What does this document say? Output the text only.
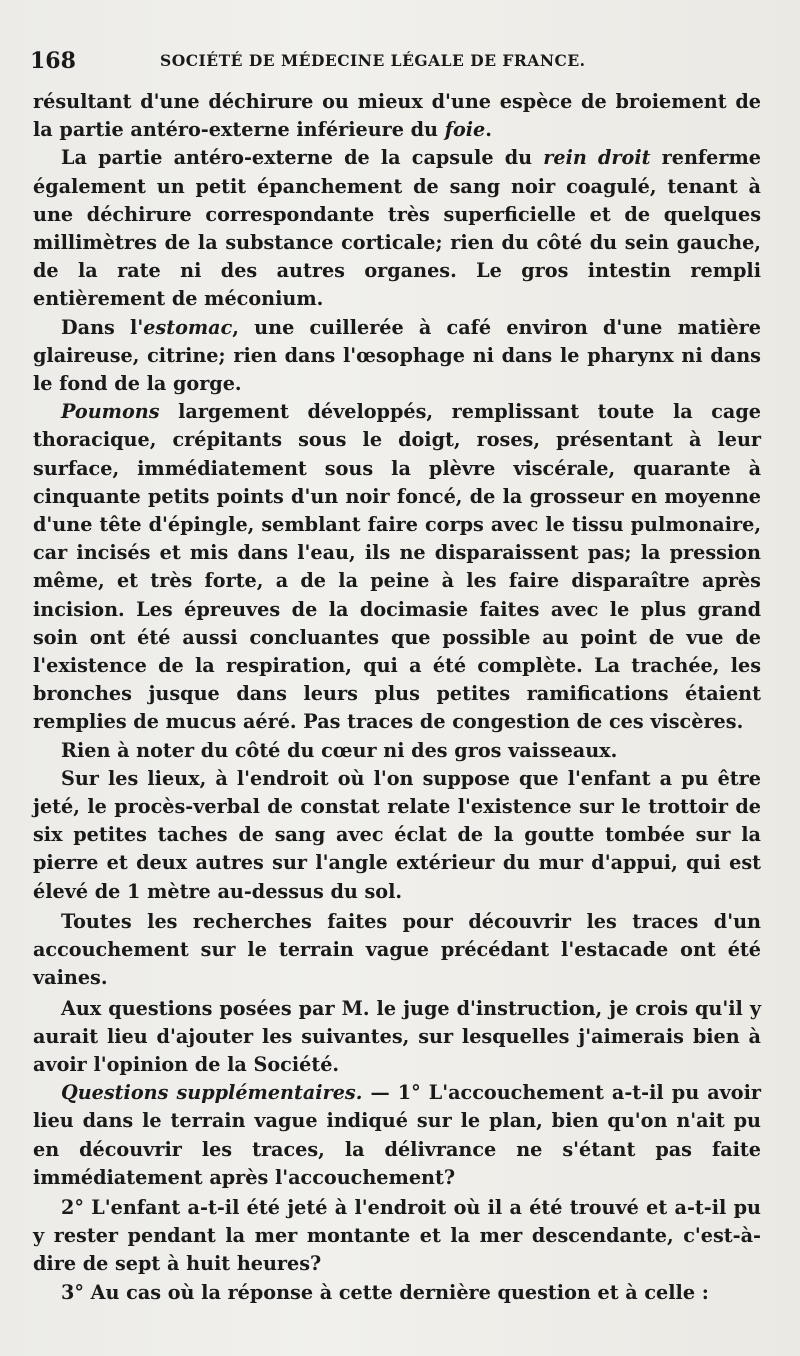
168	SOCIÉTÉ DE MÉDECINE LÉGALE DE FRANCE.

résultant d'une déchirure ou mieux d'une espèce de broiement de la partie antéro-externe inférieure du foie.

La partie antéro-externe de la capsule du rein droit renferme également un petit épanchement de sang noir coagulé, tenant à une déchirure correspondante très superficielle et de quelques millimètres de la substance corticale; rien du côté du sein gauche, de la rate ni des autres organes. Le gros intestin rempli entièrement de méconium.

Dans l'estomac, une cuillerée à café environ d'une matière glaireuse, citrine; rien dans l'œsophage ni dans le pharynx ni dans le fond de la gorge.

Poumons largement développés, remplissant toute la cage thoracique, crépitants sous le doigt, roses, présentant à leur surface, immédiatement sous la plèvre viscérale, quarante à cinquante petits points d'un noir foncé, de la grosseur en moyenne d'une tête d'épingle, semblant faire corps avec le tissu pulmonaire, car incisés et mis dans l'eau, ils ne disparaissent pas; la pression même, et très forte, a de la peine à les faire disparaître après incision. Les épreuves de la docimasie faites avec le plus grand soin ont été aussi concluantes que possible au point de vue de l'existence de la respiration, qui a été complète. La trachée, les bronches jusque dans leurs plus petites ramifications étaient remplies de mucus aéré. Pas traces de congestion de ces viscères.

Rien à noter du côté du cœur ni des gros vaisseaux.

Sur les lieux, à l'endroit où l'on suppose que l'enfant a pu être jeté, le procès-verbal de constat relate l'existence sur le trottoir de six petites taches de sang avec éclat de la goutte tombée sur la pierre et deux autres sur l'angle extérieur du mur d'appui, qui est élevé de 1 mètre au-dessus du sol.

Toutes les recherches faites pour découvrir les traces d'un accouchement sur le terrain vague précédant l'estacade ont été vaines.

Aux questions posées par M. le juge d'instruction, je crois qu'il y aurait lieu d'ajouter les suivantes, sur lesquelles j'aimerais bien à avoir l'opinion de la Société.

Questions supplémentaires. — 1° L'accouchement a-t-il pu avoir lieu dans le terrain vague indiqué sur le plan, bien qu'on n'ait pu en découvrir les traces, la délivrance ne s'étant pas faite immédiatement après l'accouchement?

2° L'enfant a-t-il été jeté à l'endroit où il a été trouvé et a-t-il pu y rester pendant la mer montante et la mer descendante, c'est-à-dire de sept à huit heures?

3° Au cas où la réponse à cette dernière question et à celle :
